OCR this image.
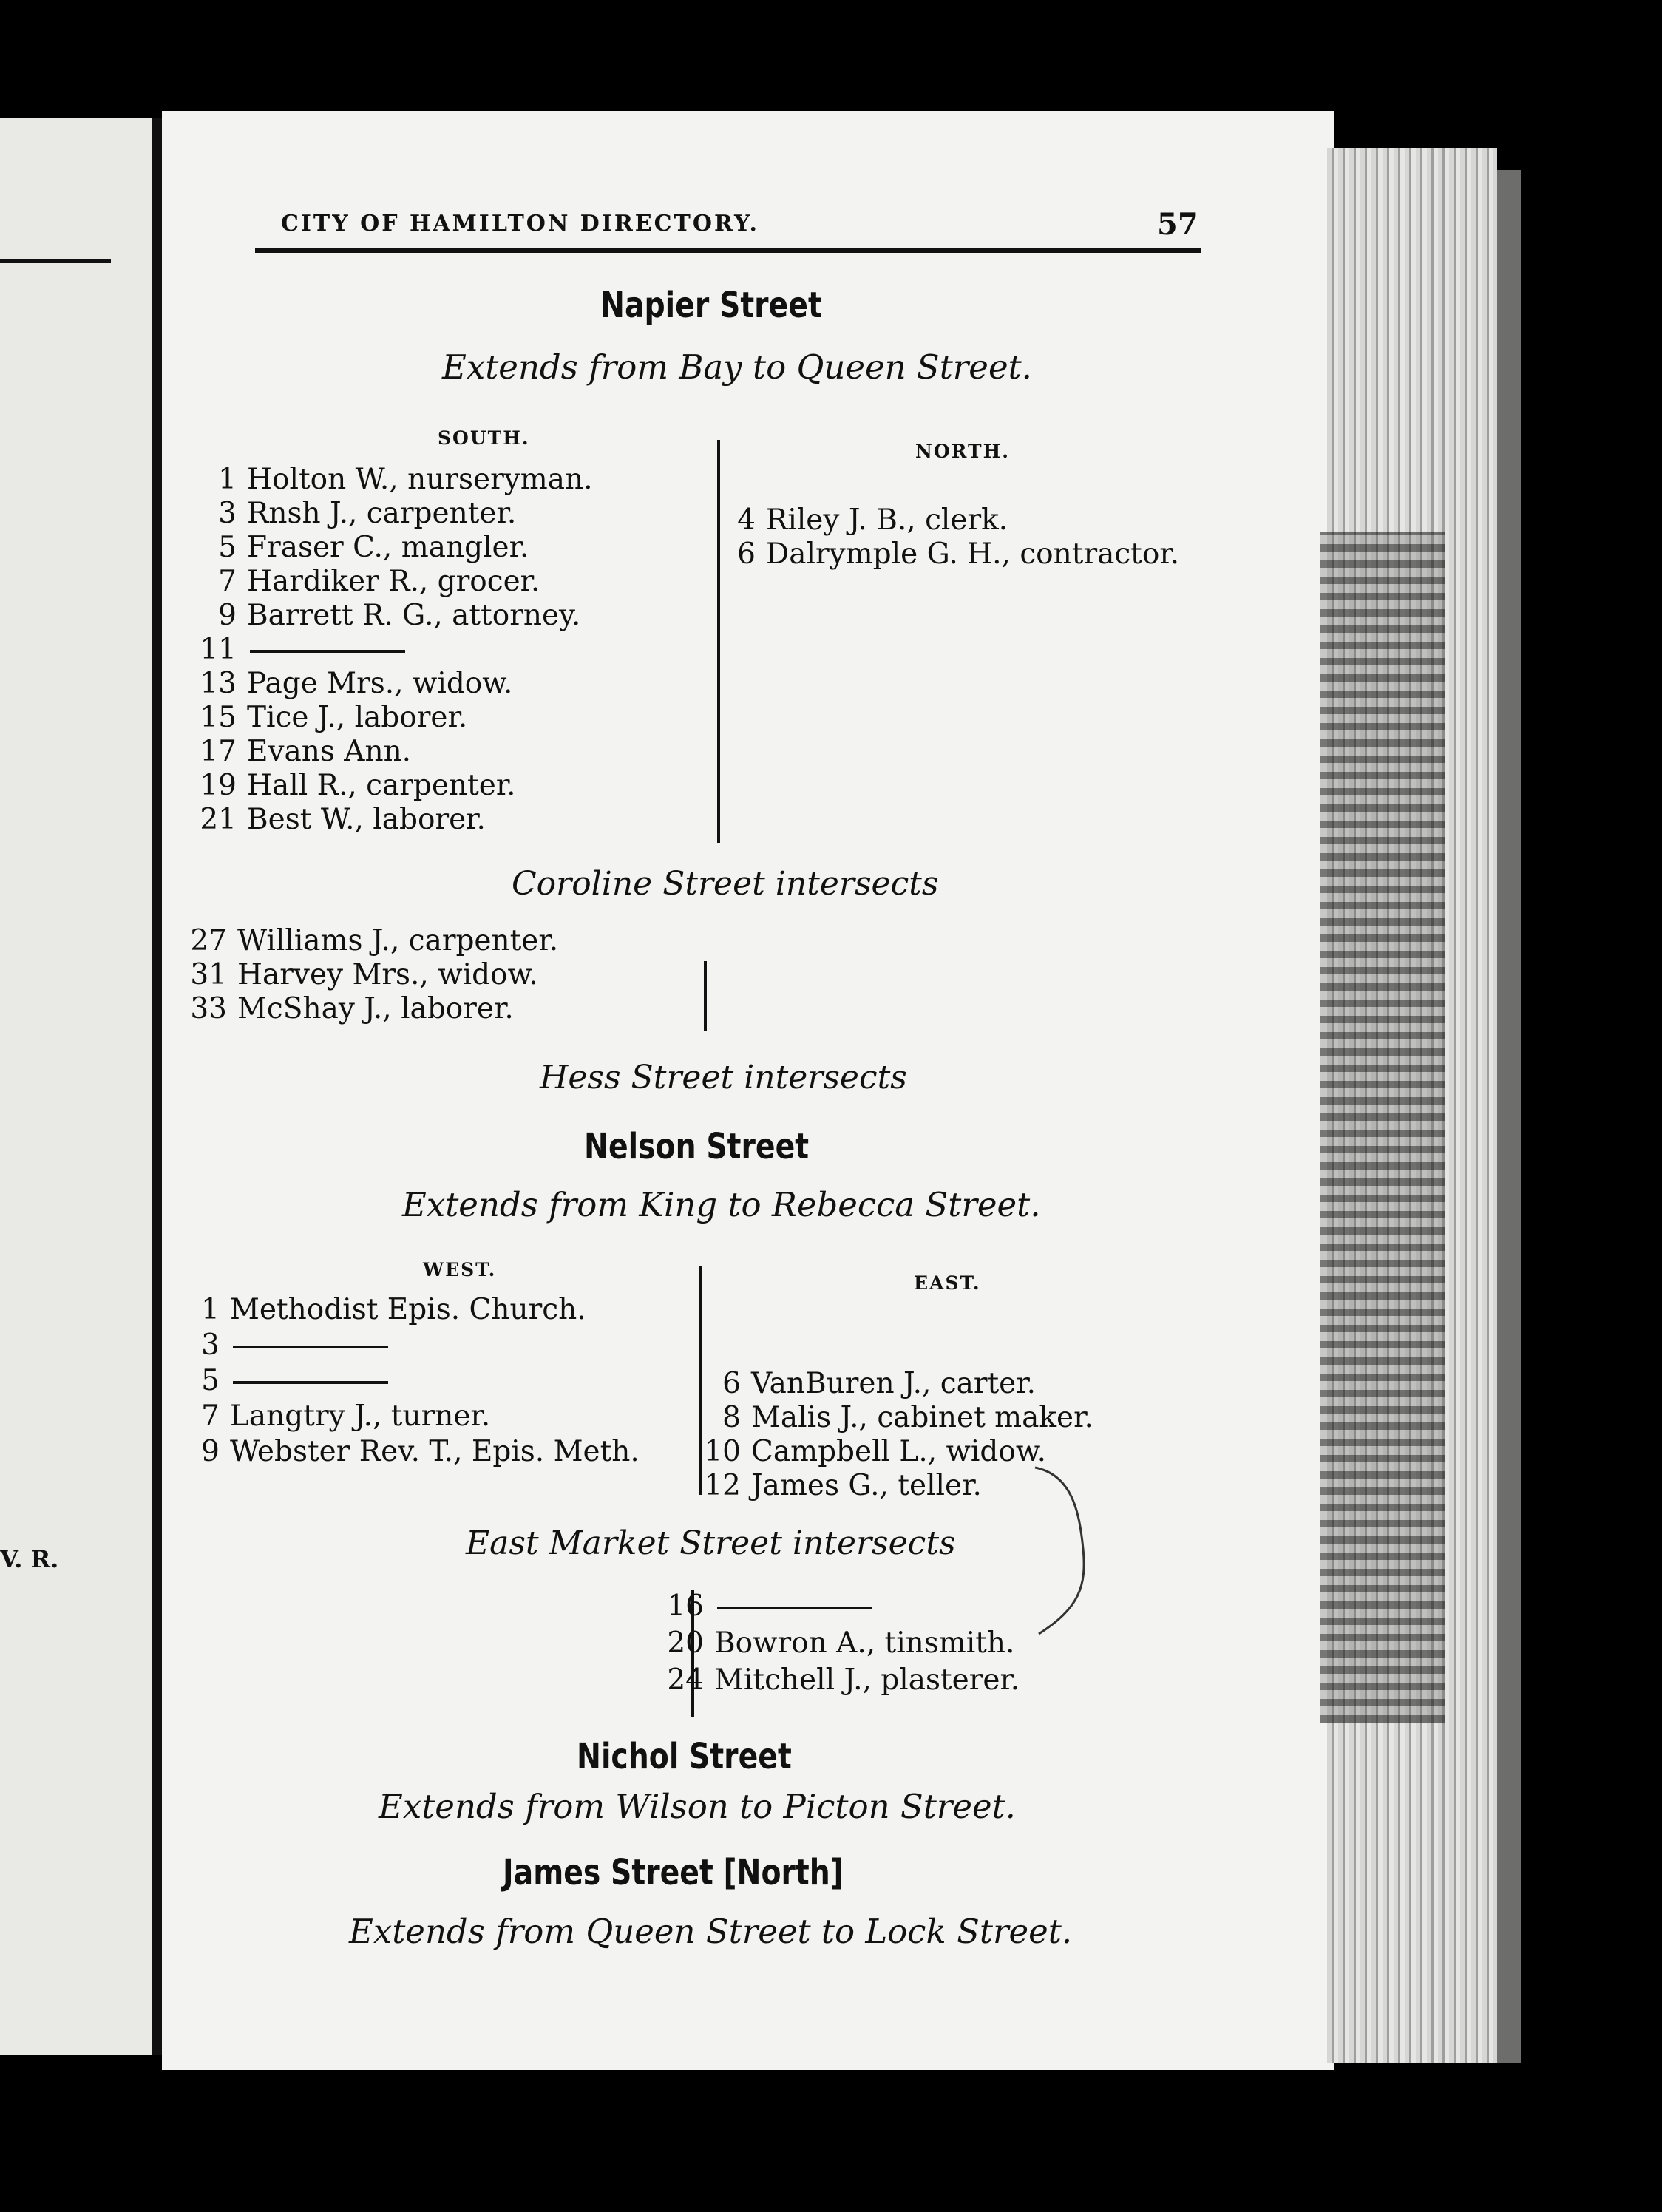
V. R.
CITY OF HAMILTON DIRECTORY.	57
Napier Street
Extends from Bay to Queen Street.
SOUTH.
NORTH.
1 Holton W., nurseryman.
3 Rnsh J., carpenter.
5 Fraser C., mangler.
7 Hardiker R., grocer.
9 Barrett R. G., attorney.
11
13 Page Mrs., widow.
15 Tice J., laborer.
17 Evans Ann.
19 Hall R., carpenter.
21 Best W., laborer.
4 Riley J. B., clerk.
6 Dalrymple G. H., contractor.
Coroline Street intersects
27 Williams J., carpenter.
31 Harvey Mrs., widow.
33 McShay J., laborer.
Hess Street intersects
Nelson Street
Extends from King to Rebecca Street.
WEST.
EAST.
1 Methodist Epis. Church.
3
5
7 Langtry J., turner.
9 Webster Rev. T., Epis. Meth.
6 VanBuren J., carter.
8 Malis J., cabinet maker.
10 Campbell L., widow.
12 James G., teller.
East Market Street intersects
16
20 Bowron A., tinsmith.
24 Mitchell J., plasterer.
Nichol Street
Extends from Wilson to Picton Street.
James Street [North]
Extends from Queen Street to Lock Street.
